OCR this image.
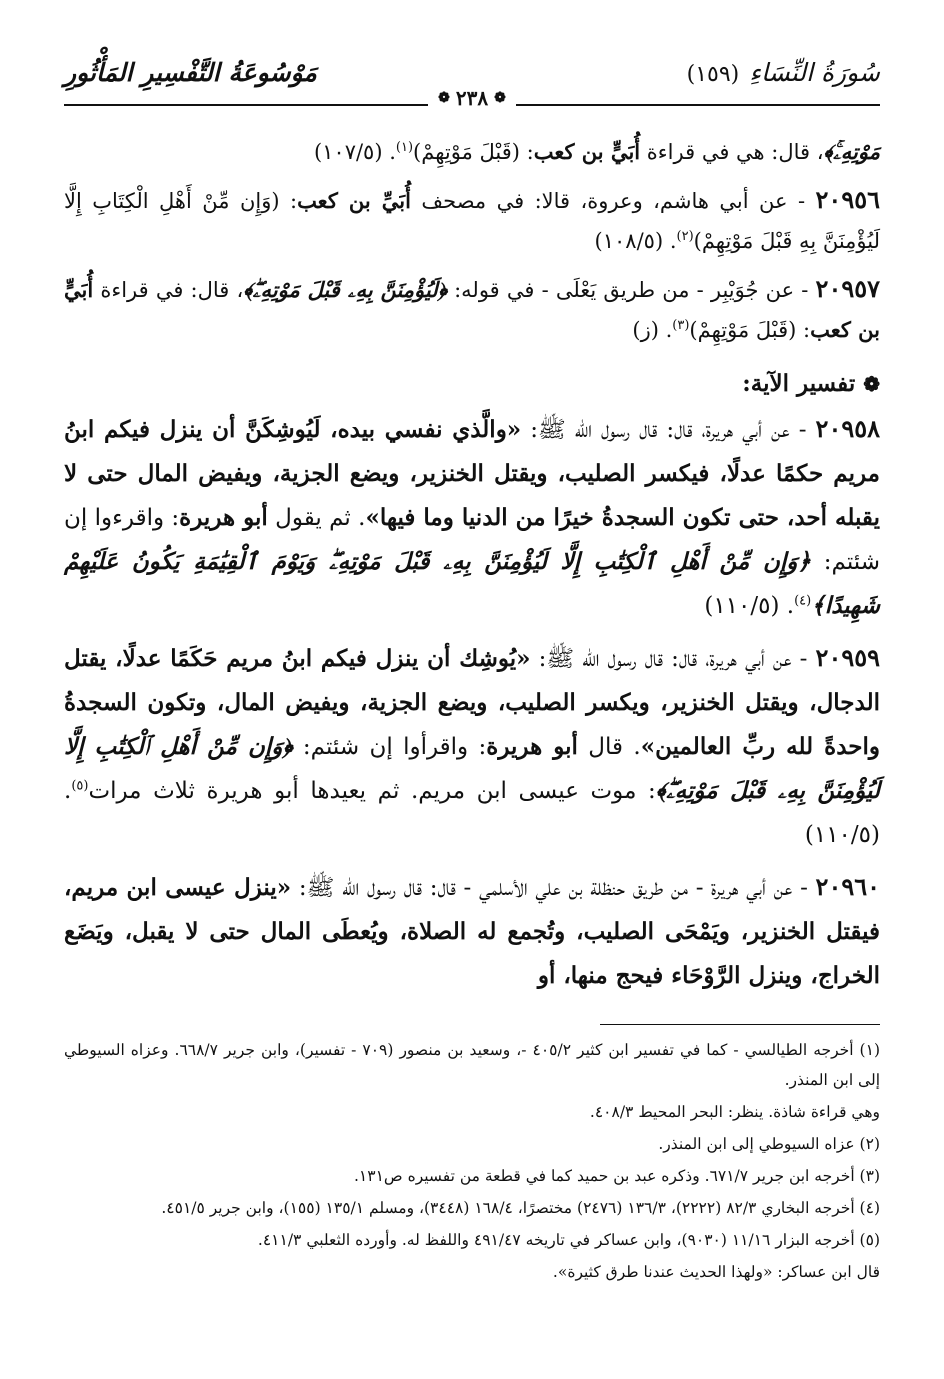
سُورَةُ النِّسَاءِ
(١٥٩)
مَوْسُوعَةُ التَّفْسِيرِ المَأْثُورِ
❁
٢٣٨
❁

مَوْتِهِۦۚ﴾، قال: هي في قراءة أُبَيٍّ بن كعب: (قَبْلَ مَوْتِهِمْ)$^{(١)}$. (١٠٧/٥)

٢٠٩٥٦ - عن أبي هاشم، وعروة، قالا: في مصحف أُبَيِّ بن كعب: (وَإِن مِّنْ أَهْلِ الْكِتَابِ إِلَّا لَيُؤْمِنَنَّ بِهِ قَبْلَ مَوْتِهِمْ)$^{(٢)}$. (١٠٨/٥)

٢٠٩٥٧ - عن جُوَيْبِر - من طريق يَعْلَى - في قوله: ﴿لَيُؤْمِنَنَّ بِهِۦ قَبْلَ مَوْتِهِۦۖ﴾، قال: في قراءة أُبَيٍّ بن كعب: (قَبْلَ مَوْتِهِمْ)$^{(٣)}$. (ز)

❁
تفسير الآية:

٢٠٩٥٨ - عن أبي هريرة، قال: قال رسول الله ﷺ: «والَّذي نفسي بيده، لَيُوشِكَنَّ أن ينزل فيكم ابنُ مريم حكمًا عدلًا، فيكسر الصليب، ويقتل الخنزير، ويضع الجزية، ويفيض المال حتى لا يقبله أحد، حتى تكون السجدةُ خيرًا من الدنيا وما فيها». ثم يقول أبو هريرة: واقرءوا إن شئتم: ﴿وَإِن مِّنْ أَهْلِ ٱلْكِتَٰبِ إِلَّا لَيُؤْمِنَنَّ بِهِۦ قَبْلَ مَوْتِهِۦۖ وَيَوْمَ ٱلْقِيَٰمَةِ يَكُونُ عَلَيْهِمْ شَهِيدًا﴾$^{(٤)}$. (١١٠/٥)

٢٠٩٥٩ - عن أبي هريرة، قال: قال رسول الله ﷺ: «يُوشِك أن ينزل فيكم ابنُ مريم حَكَمًا عدلًا، يقتل الدجال، ويقتل الخنزير، ويكسر الصليب، ويضع الجزية، ويفيض المال، وتكون السجدةُ واحدةً لله ربِّ العالمين». قال أبو هريرة: واقرأوا إن شئتم: ﴿وَإِن مِّنْ أَهْلِ ٱلْكِتَٰبِ إِلَّا لَيُؤْمِنَنَّ بِهِۦ قَبْلَ مَوْتِهِۦۖ﴾: موت عيسى ابن مريم. ثم يعيدها أبو هريرة ثلاث مرات$^{(٥)}$. (١١٠/٥)

٢٠٩٦٠ - عن أبي هريرة - من طريق حنظلة بن علي الأسلمي - قال: قال رسول الله ﷺ: «ينزل عيسى ابن مريم، فيقتل الخنزير، ويَمْحَى الصليب، وتُجمع له الصلاة، ويُعطَى المال حتى لا يقبل، ويَضَع الخراج، وينزل الرَّوْحَاء فيحج منها، أو

(١) أخرجه الطيالسي - كما في تفسير ابن كثير ٤٠٥/٢ -، وسعيد بن منصور (٧٠٩ - تفسير)، وابن جرير ٦٦٨/٧. وعزاه السيوطي إلى ابن المنذر.

وهي قراءة شاذة. ينظر: البحر المحيط ٤٠٨/٣.

(٢) عزاه السيوطي إلى ابن المنذر.

(٣) أخرجه ابن جرير ٦٧١/٧. وذكره عبد بن حميد كما في قطعة من تفسيره ص١٣١.

(٤) أخرجه البخاري ٨٢/٣ (٢٢٢٢)، ١٣٦/٣ (٢٤٧٦) مختصرًا، ١٦٨/٤ (٣٤٤٨)، ومسلم ١٣٥/١ (١٥٥)، وابن جرير ٤٥١/٥.

(٥) أخرجه البزار ١١/١٦ (٩٠٣٠)، وابن عساكر في تاريخه ٤٩١/٤٧ واللفظ له. وأورده الثعلبي ٤١١/٣.

قال ابن عساكر: «ولهذا الحديث عندنا طرق كثيرة».
